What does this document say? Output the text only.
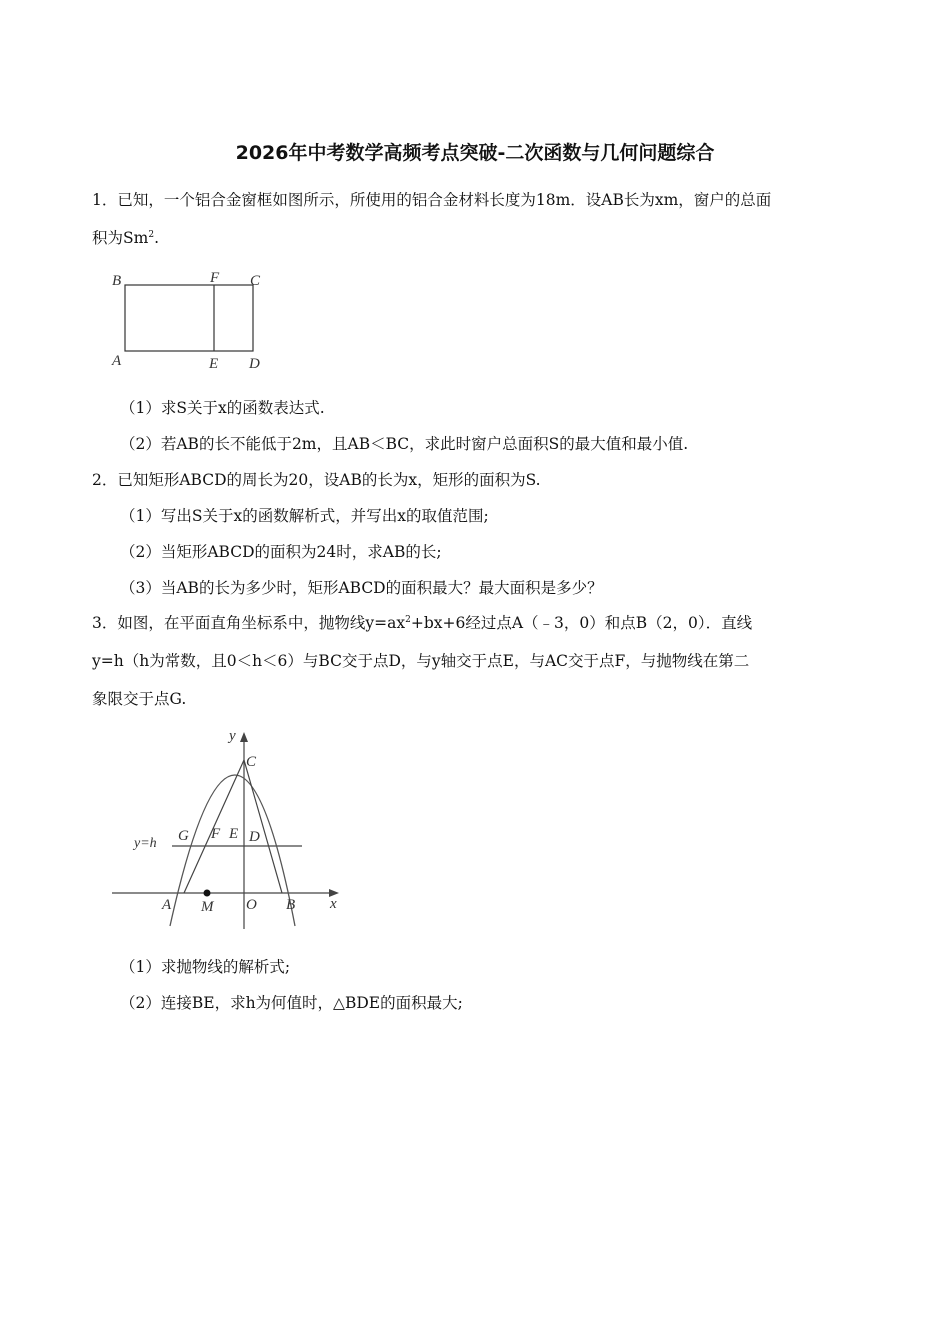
2026年中考数学高频考点突破-二次函数与几何问题综合
1．已知，一个铝合金窗框如图所示，所使用的铝合金材料长度为18m．设AB长为xm，窗户的总面
积为Sm$^2$.
B	F C
A	E D
（1）求S关于x的函数表达式.
（2）若AB的长不能低于2m，且AB＜BC，求此时窗户总面积S的最大值和最小值.
2．已知矩形ABCD的周长为20，设AB的长为x，矩形的面积为S.
（1）写出S关于x的函数解析式，并写出x的取值范围;
（2）当矩形ABCD的面积为24时，求AB的长;
（3）当AB的长为多少时，矩形ABCD的面积最大？最大面积是多少？
3．如图，在平面直角坐标系中，抛物线$y=ax^2+bx+6$经过点A（﹣3，0）和点B（2，0）．直线
y=h（h为常数，且0＜h＜6）与BC交于点D，与y轴交于点E，与AC交于点F，与抛物线在第二
象限交于点G.
y
C
y=h G F E D
A M O B x
（1）求抛物线的解析式;
（2）连接BE，求h为何值时，△BDE的面积最大;
